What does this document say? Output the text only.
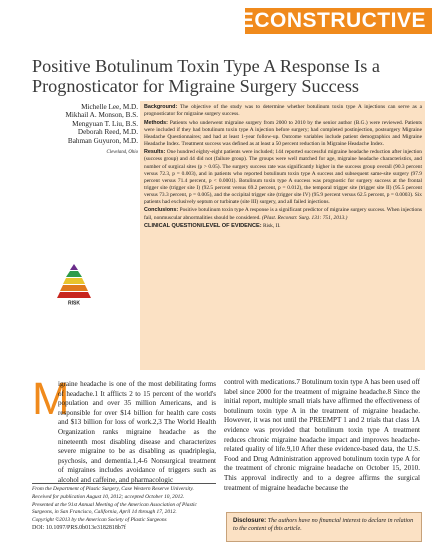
RECONSTRUCTIVE
Positive Botulinum Toxin Type A Response Is a Prognosticator for Migraine Surgery Success
Michelle Lee, M.D.
Mikhail A. Monson, B.S.
Mengyuan T. Liu, B.S.
Deborah Reed, M.D.
Bahman Guyuron, M.D.
Cleveland, Ohio

Background: The objective of the study was to determine whether botulinum toxin type A injections can serve as a prognosticator for migraine surgery success.

Methods: Patients who underwent migraine surgery from 2000 to 2010 by the senior author (B.G.) were reviewed. Patients were included if they had botulinum toxin type A injection before surgery; had completed postinjection, postsurgery Migraine Headache Questionnaires; and had at least 1-year follow-up. Outcome variables include patient demographics and Migraine Headache Index. Treatment success was defined as at least a 50 percent reduction in Migraine Headache Index.

Results: One hundred eighty-eight patients were included; 144 reported successful migraine headache reduction after injection (success group) and 44 did not (failure group). The groups were well matched for age, migraine headache characteristics, and number of surgical sites (p > 0.05). The surgery success rate was significantly higher in the success group overall (90.3 percent versus 72.3, p = 0.003), and in patients who reported botulinum toxin type A success and subsequent same-site surgery (97.9 percent versus 71.4 percent, p < 0.0001). Botulinum toxin type A success was prognostic for surgery success at the frontal trigger site (trigger site I) (92.5 percent versus 69.2 percent, p = 0.012), the temporal trigger site (trigger site II) (95.5 percent versus 73.3 percent, p = 0.005), and the occipital trigger site (trigger site IV) (95.9 percent versus 62.5 percent, p = 0.0003). Six patients had exclusively septum or turbinate (site III) surgery, and all failed injections.

Conclusions: Positive botulinum toxin type A response is a significant predictor of migraine surgery success. When injections fail, nonmuscular abnormalities should be considered. (Plast. Reconstr. Surg. 131: 751, 2013.)

CLINICAL QUESTION/LEVEL OF EVIDENCE: Risk, II.

RISK
M
igraine headache is one of the most debilitating forms of headache.1 It afflicts 2 to 15 percent of the world's population and over 35 million Americans, and is responsible for over $14 billion for health care costs and $13 billion for loss of work.2,3 The World Health Organization ranks migraine headache as the nineteenth most disabling disease and characterizes severe migraine to be as disabling as quadriplegia, psychosis, and dementia.1,4-6 Nonsurgical treatment of migraines includes avoidance of triggers such as alcohol and caffeine, and pharmacologic
control with medications.7 Botulinum toxin type A has been used off label since 2000 for the treatment of migraine headache.8 Since the initial report, multiple small trials have affirmed the effectiveness of botulinum toxin type A in the treatment of migraine headache. However, it was not until the PREEMPT 1 and 2 trials that class 1A evidence was provided that botulinum toxin type A treatment reduces chronic migraine headache impact and improves headache-related quality of life.9,10 After these evidence-based data, the U.S. Food and Drug Administration approved botulinum toxin type A for the treatment of chronic migraine headache on October 15, 2010. This approval indirectly and to a degree affirms the surgical treatment of migraine headache because the

From the Department of Plastic Surgery, Case Western Reserve University.

Received for publication August 10, 2012; accepted October 10, 2012.

Presented at the 91st Annual Meeting of the American Association of Plastic Surgeons, in San Francisco, California, April 14 through 17, 2012.

Copyright ©2013 by the American Society of Plastic Surgeons

DOI: 10.1097/PRS.0b013e3182818b7f

Disclosure: The authors have no financial interest to declare in relation to the content of this article.
